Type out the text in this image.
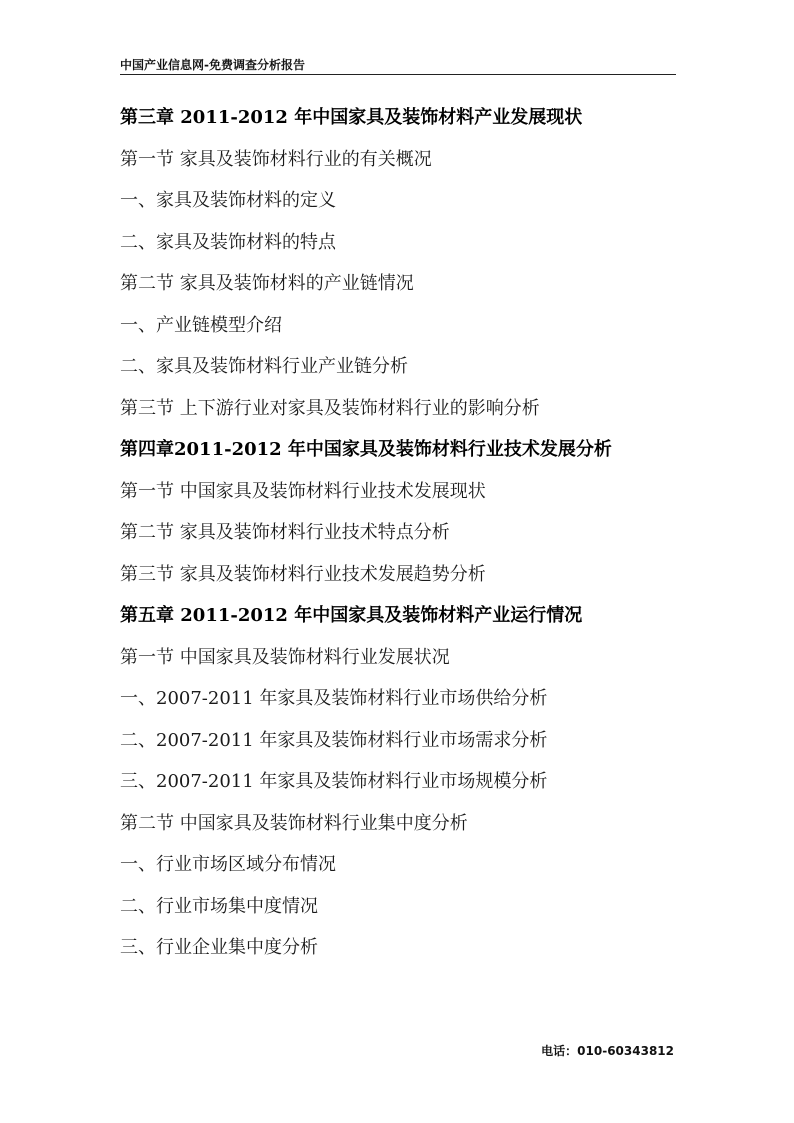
中国产业信息网-免费调查分析报告
第三章 2011-2012 年中国家具及装饰材料产业发展现状
第一节 家具及装饰材料行业的有关概况
一、家具及装饰材料的定义
二、家具及装饰材料的特点
第二节 家具及装饰材料的产业链情况
一、产业链模型介绍
二、家具及装饰材料行业产业链分析
第三节 上下游行业对家具及装饰材料行业的影响分析
第四章2011-2012 年中国家具及装饰材料行业技术发展分析
第一节 中国家具及装饰材料行业技术发展现状
第二节 家具及装饰材料行业技术特点分析
第三节 家具及装饰材料行业技术发展趋势分析
第五章 2011-2012 年中国家具及装饰材料产业运行情况
第一节 中国家具及装饰材料行业发展状况
一、2007-2011 年家具及装饰材料行业市场供给分析
二、2007-2011 年家具及装饰材料行业市场需求分析
三、2007-2011 年家具及装饰材料行业市场规模分析
第二节 中国家具及装饰材料行业集中度分析
一、行业市场区域分布情况
二、行业市场集中度情况
三、行业企业集中度分析
电话：010-60343812
